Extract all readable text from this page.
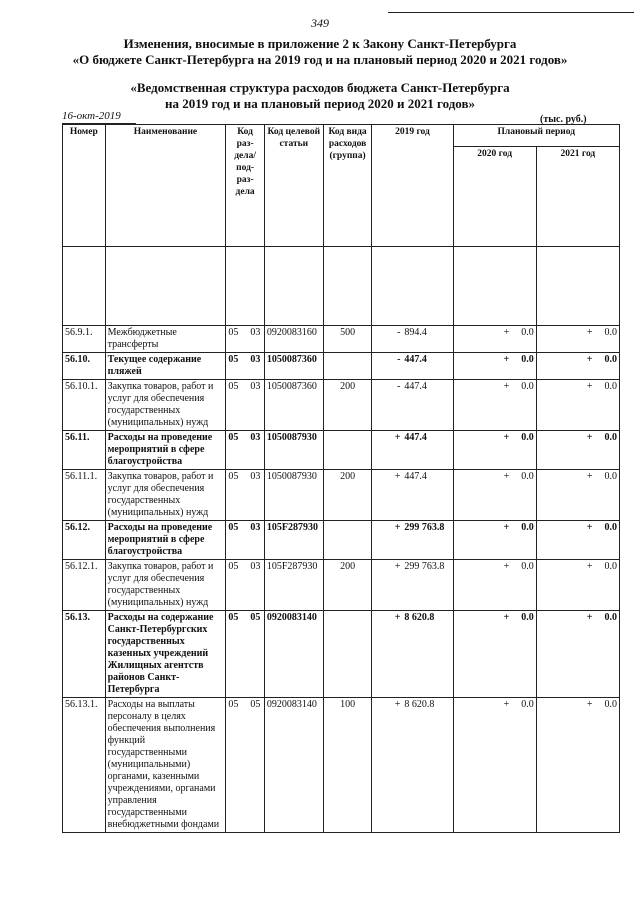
349
Изменения, вносимые в приложение 2 к Закону Санкт-Петербурга
«О бюджете Санкт-Петербурга на 2019 год и на плановый период 2020 и 2021 годов»
«Ведомственная структура расходов бюджета Санкт-Петербурга
на 2019 год и на плановый период 2020 и 2021 годов»
16-окт-2019	(тыс. руб.)
Номер	Наименование	Код раз- дела/ под- раз- дела	Код целевой статьи	Код вида расходов (группа)	2019 год	Плановый период	
						2020 год	2021 год

56.9.1.	Межбюджетные трансферты	05 03	0920083160	500	- 894.4	+ 0.0	+ 0.0
56.10.	Текущее содержание пляжей	05 03	1050087360		- 447.4	+ 0.0	+ 0.0
56.10.1.	Закупка товаров, работ и услуг для обеспечения государственных (муниципальных) нужд	05 03	1050087360	200	- 447.4	+ 0.0	+ 0.0
56.11.	Расходы на проведение мероприятий в сфере благоустройства	05 03	1050087930		+ 447.4	+ 0.0	+ 0.0
56.11.1.	Закупка товаров, работ и услуг для обеспечения государственных (муниципальных) нужд	05 03	1050087930	200	+ 447.4	+ 0.0	+ 0.0
56.12.	Расходы на проведение мероприятий в сфере благоустройства	05 03	105F287930		+ 299 763.8	+ 0.0	+ 0.0
56.12.1.	Закупка товаров, работ и услуг для обеспечения государственных (муниципальных) нужд	05 03	105F287930	200	+ 299 763.8	+ 0.0	+ 0.0
56.13.	Расходы на содержание Санкт-Петербургских государственных казенных учреждений Жилищных агентств районов Санкт-Петербурга	05 05	0920083140		+ 8 620.8	+ 0.0	+ 0.0
56.13.1.	Расходы на выплаты персоналу в целях обеспечения выполнения функций государственными (муниципальными) органами, казенными учреждениями, органами управления государственными внебюджетными фондами	05 05	0920083140	100	+ 8 620.8	+ 0.0	+ 0.0
